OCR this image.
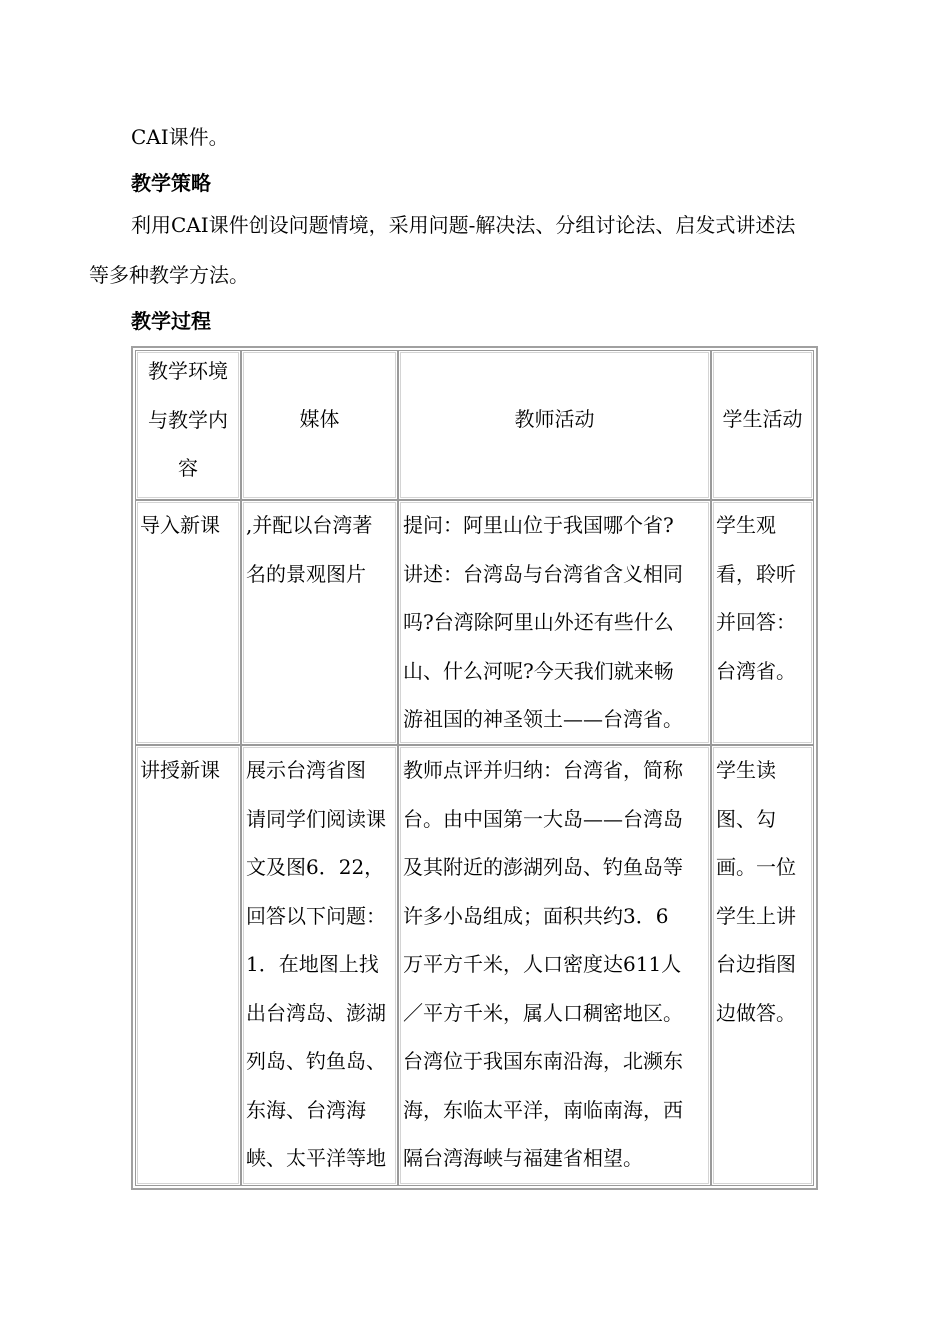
CAI课件。
教学策略
利用CAI课件创设问题情境，采用问题-解决法、分组讨论法、启发式讲述法
等多种教学方法。
教学过程
教学环境
与教学内
容
媒体	教师活动	学生活动
导入新课 ,并配以台湾著
名的景观图片
提问：阿里山位于我国哪个省?
讲述：台湾岛与台湾省含义相同
吗?台湾除阿里山外还有些什么
山、什么河呢?今天我们就来畅
游祖国的神圣领土——台湾省。
学生观
看，聆听
并回答：
台湾省。
讲授新课 展示台湾省图
请同学们阅读课
文及图6．22，
回答以下问题：
1．在地图上找
出台湾岛、澎湖
列岛、钓鱼岛、
东海、台湾海
峡、太平洋等地
教师点评并归纳：台湾省，简称
台。由中国第一大岛——台湾岛
及其附近的澎湖列岛、钓鱼岛等
许多小岛组成；面积共约3．6
万平方千米，人口密度达611人
／平方千米，属人口稠密地区。
台湾位于我国东南沿海，北濒东
海，东临太平洋，南临南海，西
隔台湾海峡与福建省相望。
学生读
图、勾
画。一位
学生上讲
台边指图
边做答。
